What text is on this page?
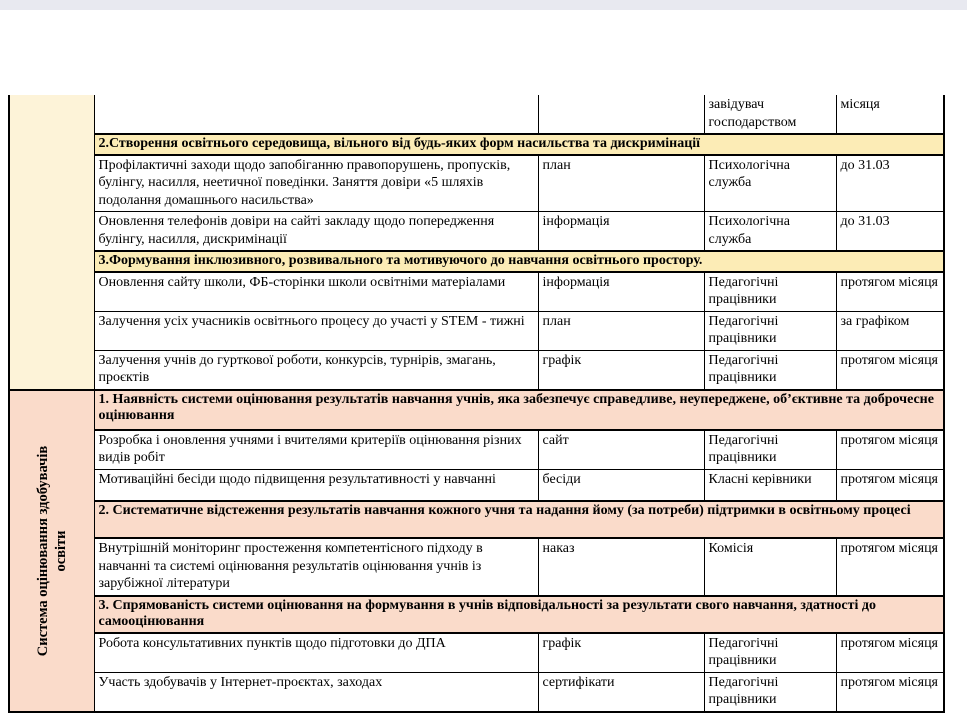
			завідувач господарством	місяця
	2.Створення освітнього середовища, вільного від будь-яких форм насильства та дискримінації			
	Профілактичні заходи щодо запобіганню правопорушень, пропусків, булінгу, насилля, неетичної поведінки. Заняття довіри «5 шляхів подолання домашнього насильства»	план	Психологічна служба	до 31.03
	Оновлення телефонів довіри на сайті закладу щодо попередження булінгу, насилля, дискримінації	інформація	Психологічна служба	до 31.03
	3.Формування інклюзивного, розвивального та мотивуючого до навчання освітнього простору.			
	Оновлення сайту школи, ФБ-сторінки школи освітніми матеріалами	інформація	Педагогічні працівники	протягом місяця
	Залучення усіх учасників освітнього процесу до участі у STEM - тижні	план	Педагогічні працівники	за графіком
	Залучення учнів до гурткової роботи, конкурсів, турнірів, змагань, проєктів	графік	Педагогічні працівники	протягом місяця

Система оцінювання здобувачів освіти	1. Наявність системи оцінювання результатів навчання учнів, яка забезпечує справедливе, неупереджене, об’єктивне та доброчесне оцінювання			
	Розробка і оновлення учнями і вчителями критеріїв оцінювання різних видів робіт	сайт	Педагогічні працівники	протягом місяця
	Мотиваційні бесіди щодо підвищення результативності у навчанні	бесіди	Класні керівники	протягом місяця
	2. Систематичне відстеження результатів навчання кожного учня та надання йому (за потреби) підтримки в освітньому процесі			
	Внутрішній моніторинг простеження компетентісного підходу в навчанні та системі оцінювання результатів оцінювання учнів із зарубіжної літератури	наказ	Комісія	протягом місяця
	3. Спрямованість системи оцінювання на формування в учнів відповідальності за результати свого навчання, здатності до самооцінювання			
	Робота консультативних пунктів щодо підготовки до ДПА	графік	Педагогічні працівники	протягом місяця
	Участь здобувачів у Інтернет-проєктах, заходах	сертифікати	Педагогічні працівники	протягом місяця
